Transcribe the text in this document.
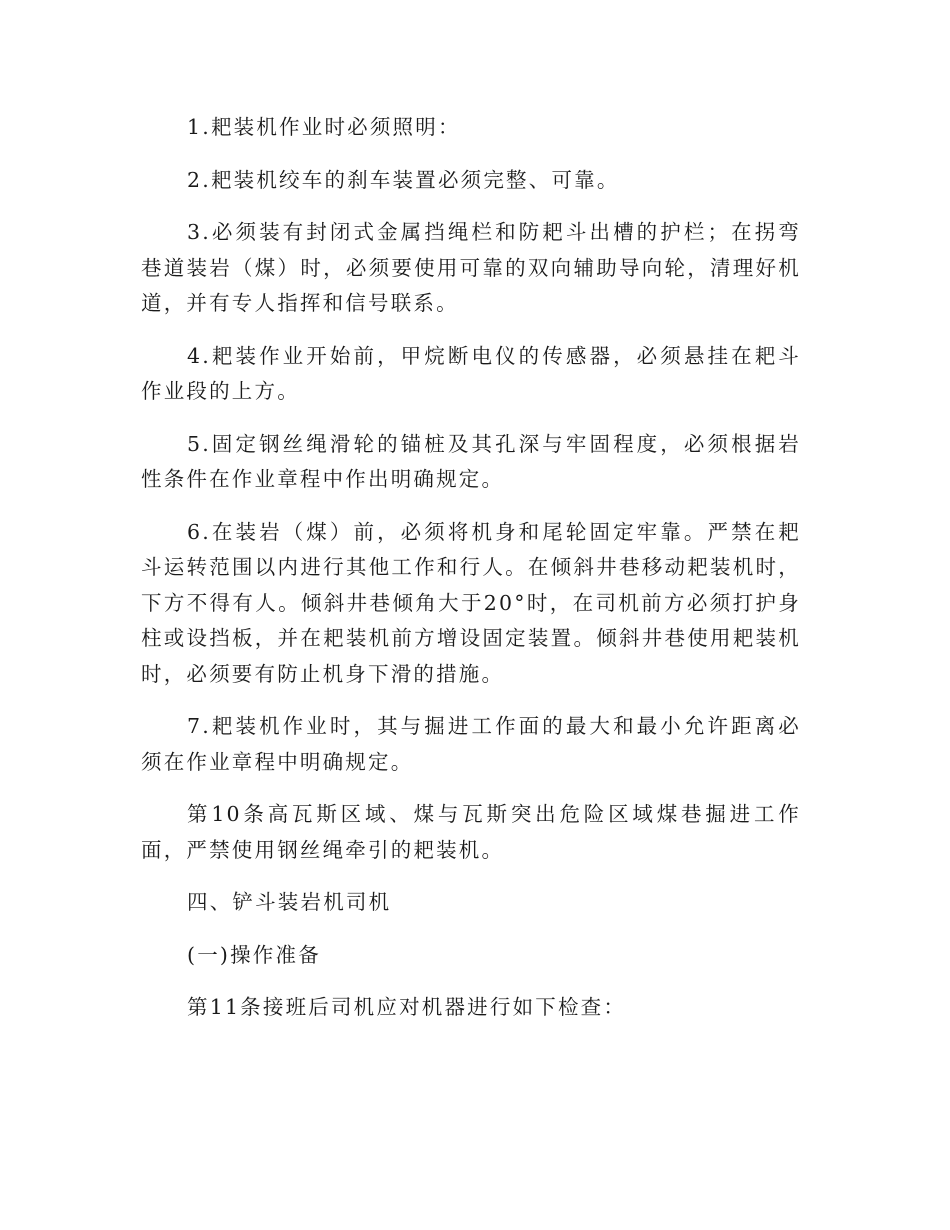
1.耙装机作业时必须照明：

2.耙装机绞车的刹车装置必须完整、可靠。

3.必须装有封闭式金属挡绳栏和防耙斗出槽的护栏；在拐弯巷道装岩（煤）时，必须要使用可靠的双向辅助导向轮，清理好机道，并有专人指挥和信号联系。

4.耙装作业开始前，甲烷断电仪的传感器，必须悬挂在耙斗作业段的上方。

5.固定钢丝绳滑轮的锚桩及其孔深与牢固程度，必须根据岩性条件在作业章程中作出明确规定。

6.在装岩（煤）前，必须将机身和尾轮固定牢靠。严禁在耙斗运转范围以内进行其他工作和行人。在倾斜井巷移动耙装机时，下方不得有人。倾斜井巷倾角大于20°时，在司机前方必须打护身柱或设挡板，并在耙装机前方增设固定装置。倾斜井巷使用耙装机时，必须要有防止机身下滑的措施。

7.耙装机作业时，其与掘进工作面的最大和最小允许距离必须在作业章程中明确规定。

第10条高瓦斯区域、煤与瓦斯突出危险区域煤巷掘进工作面，严禁使用钢丝绳牵引的耙装机。

四、铲斗装岩机司机

(一)操作准备

第11条接班后司机应对机器进行如下检查：
